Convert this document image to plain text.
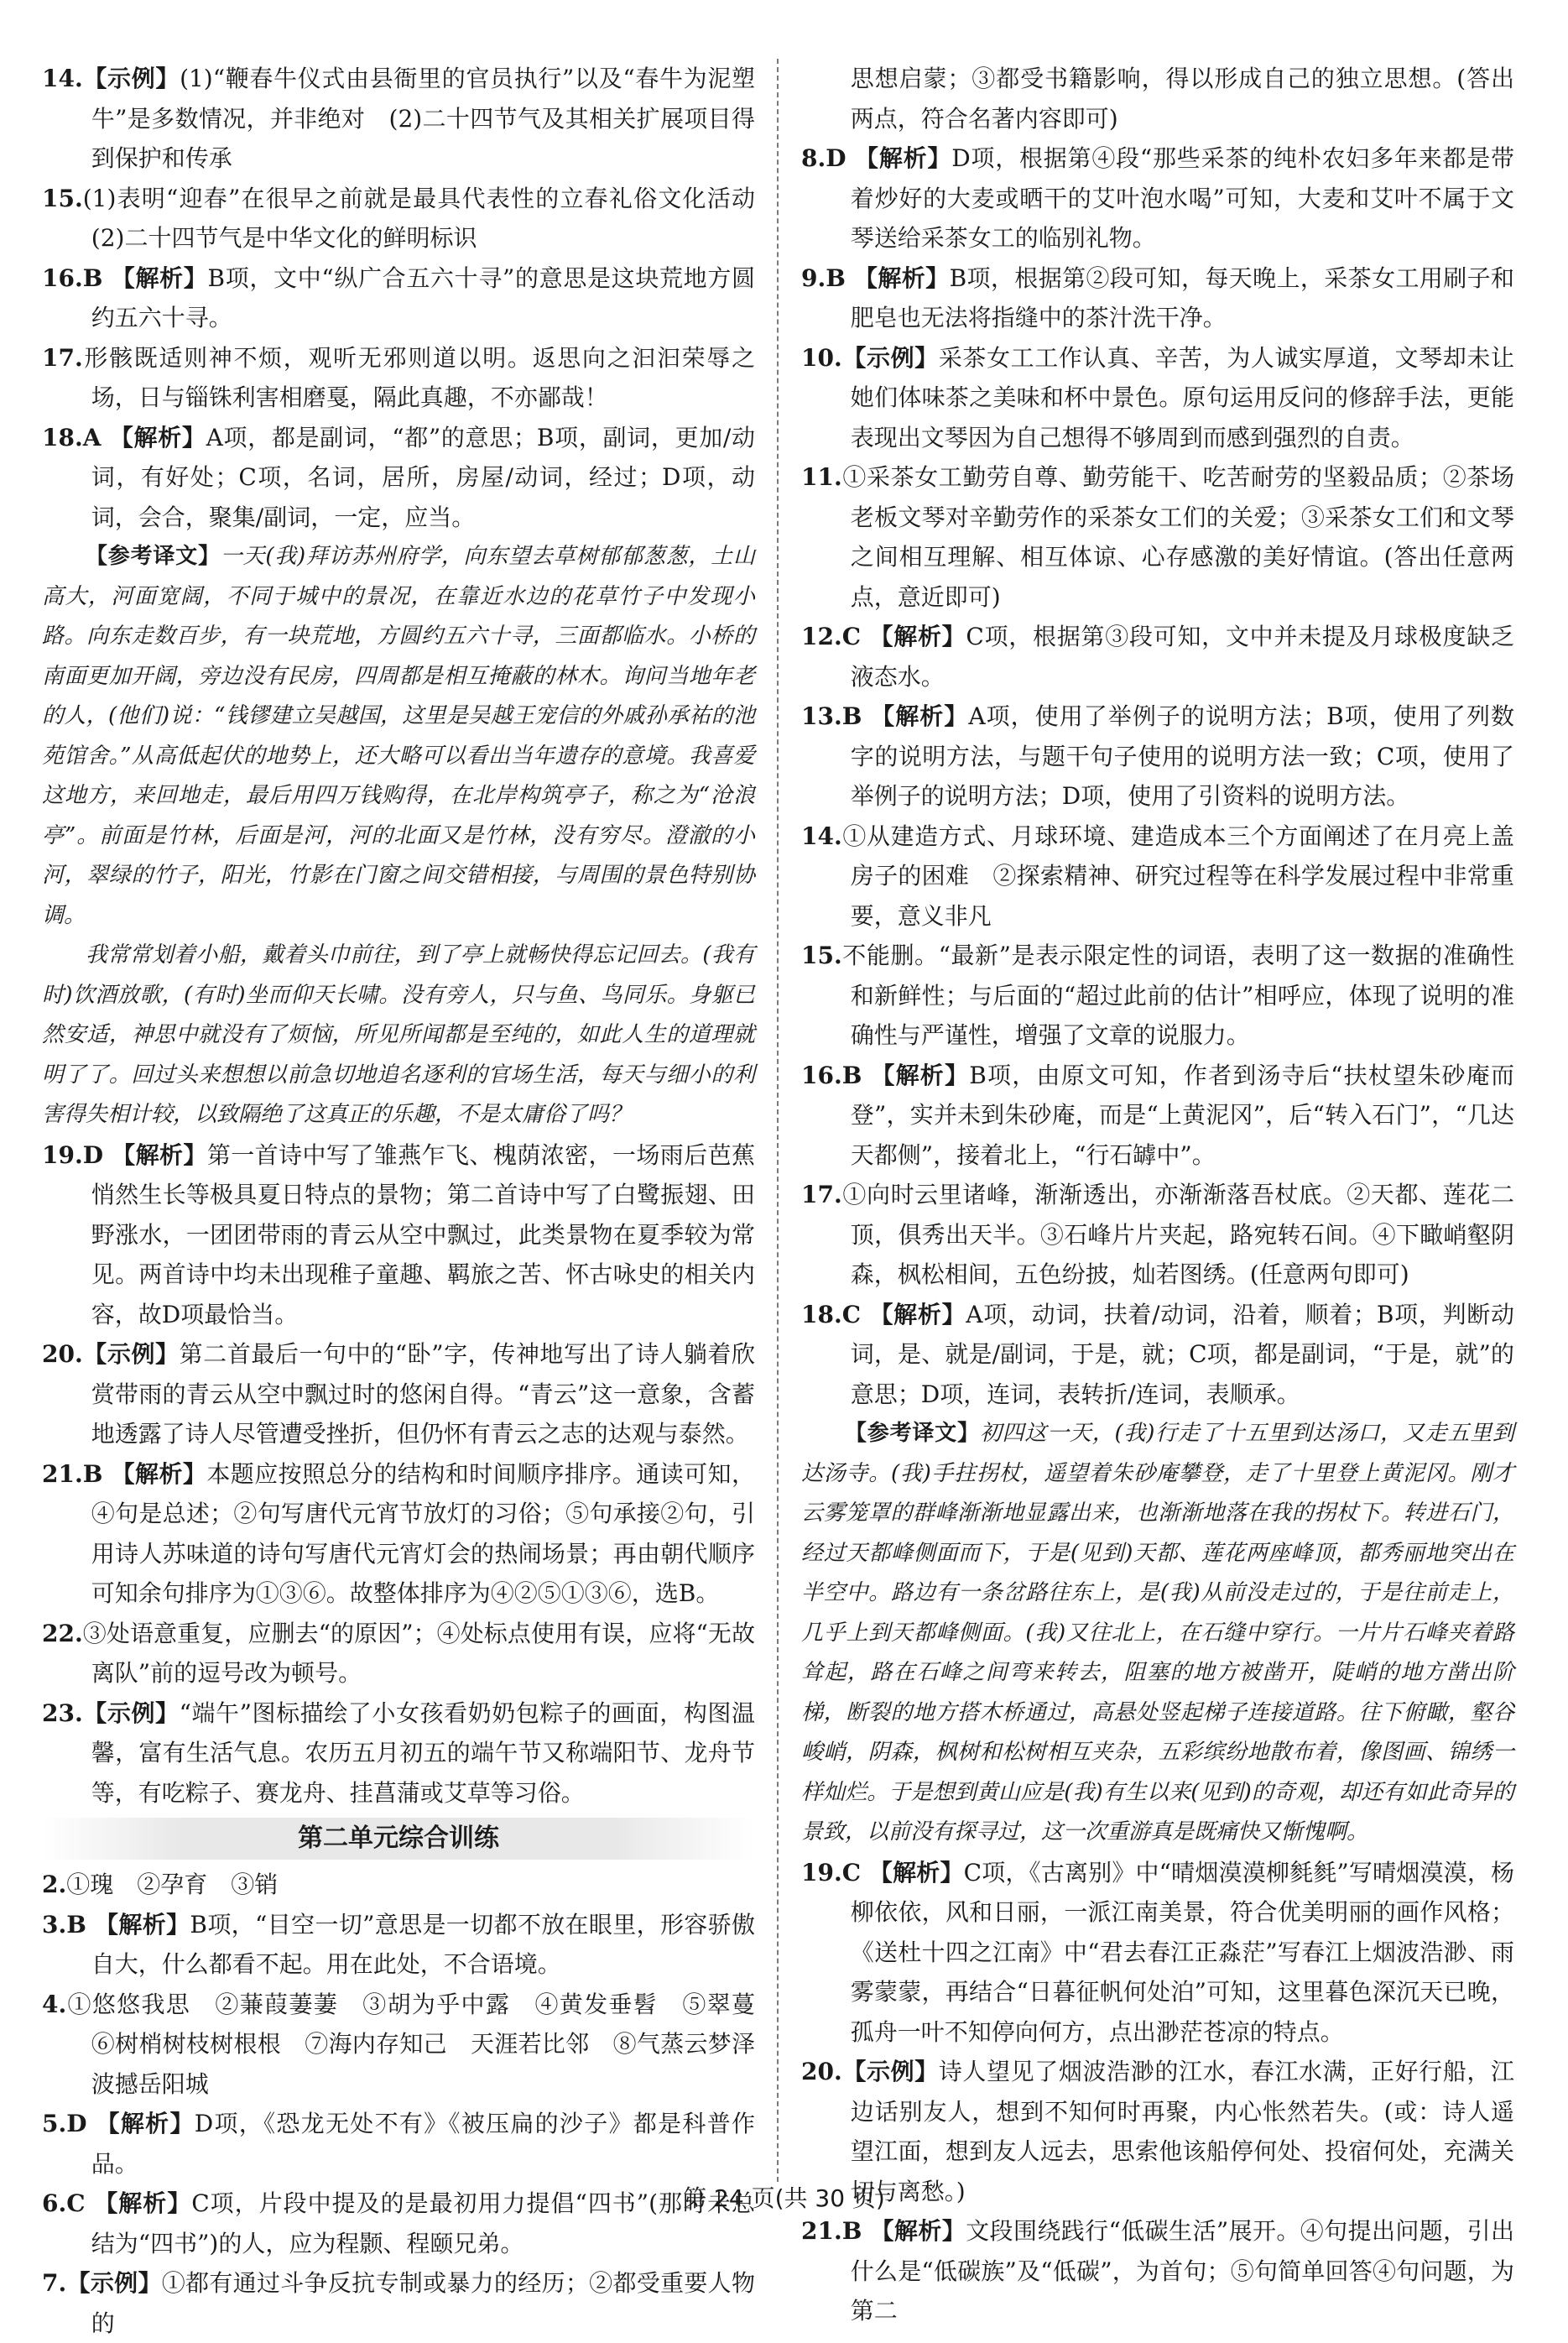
14.【示例】(1)“鞭春牛仪式由县衙里的官员执行”以及“春牛为泥塑牛”是多数情况，并非绝对　(2)二十四节气及其相关扩展项目得到保护和传承
15.(1)表明“迎春”在很早之前就是最具代表性的立春礼俗文化活动　(2)二十四节气是中华文化的鲜明标识
16.B 【解析】B项，文中“纵广合五六十寻”的意思是这块荒地方圆约五六十寻。
17.形骸既适则神不烦，观听无邪则道以明。返思向之汩汩荣辱之场，日与锱铢利害相磨戛，隔此真趣，不亦鄙哉！
18.A 【解析】A项，都是副词，“都”的意思；B项，副词，更加/动词，有好处；C项，名词，居所，房屋/动词，经过；D项，动词，会合，聚集/副词，一定，应当。

【参考译文】一天(我)拜访苏州府学，向东望去草树郁郁葱葱，土山高大，河面宽阔，不同于城中的景况，在靠近水边的花草竹子中发现小路。向东走数百步，有一块荒地，方圆约五六十寻，三面都临水。小桥的南面更加开阔，旁边没有民房，四周都是相互掩蔽的林木。询问当地年老的人，(他们)说：“钱镠建立吴越国，这里是吴越王宠信的外戚孙承祐的池苑馆舍。”从高低起伏的地势上，还大略可以看出当年遗存的意境。我喜爱这地方，来回地走，最后用四万钱购得，在北岸构筑亭子，称之为“沧浪亭”。前面是竹林，后面是河，河的北面又是竹林，没有穷尽。澄澈的小河，翠绿的竹子，阳光，竹影在门窗之间交错相接，与周围的景色特别协调。

我常常划着小船，戴着头巾前往，到了亭上就畅快得忘记回去。(我有时)饮酒放歌，(有时)坐而仰天长啸。没有旁人，只与鱼、鸟同乐。身躯已然安适，神思中就没有了烦恼，所见所闻都是至纯的，如此人生的道理就明了了。回过头来想想以前急切地追名逐利的官场生活，每天与细小的利害得失相计较，以致隔绝了这真正的乐趣，不是太庸俗了吗？

19.D 【解析】第一首诗中写了雏燕乍飞、槐荫浓密，一场雨后芭蕉悄然生长等极具夏日特点的景物；第二首诗中写了白鹭振翅、田野涨水，一团团带雨的青云从空中飘过，此类景物在夏季较为常见。两首诗中均未出现稚子童趣、羁旅之苦、怀古咏史的相关内容，故D项最恰当。
20.【示例】第二首最后一句中的“卧”字，传神地写出了诗人躺着欣赏带雨的青云从空中飘过时的悠闲自得。“青云”这一意象，含蓄地透露了诗人尽管遭受挫折，但仍怀有青云之志的达观与泰然。
21.B 【解析】本题应按照总分的结构和时间顺序排序。通读可知，④句是总述；②句写唐代元宵节放灯的习俗；⑤句承接②句，引用诗人苏味道的诗句写唐代元宵灯会的热闹场景；再由朝代顺序可知余句排序为①③⑥。故整体排序为④②⑤①③⑥，选B。
22.③处语意重复，应删去“的原因”；④处标点使用有误，应将“无故离队”前的逗号改为顿号。
23.【示例】“端午”图标描绘了小女孩看奶奶包粽子的画面，构图温馨，富有生活气息。农历五月初五的端午节又称端阳节、龙舟节等，有吃粽子、赛龙舟、挂菖蒲或艾草等习俗。
第二单元综合训练
2.①瑰　②孕育　③销
3.B 【解析】B项，“目空一切”意思是一切都不放在眼里，形容骄傲自大，什么都看不起。用在此处，不合语境。
4.①悠悠我思　②蒹葭萋萋　③胡为乎中露　④黄发垂髫　⑤翠蔓　⑥树梢树枝树根根　⑦海内存知己　天涯若比邻　⑧气蒸云梦泽　波撼岳阳城
5.D 【解析】D项，《恐龙无处不有》《被压扁的沙子》都是科普作品。
6.C 【解析】C项，片段中提及的是最初用力提倡“四书”(那时未总结为“四书”)的人，应为程颢、程颐兄弟。
7.【示例】①都有通过斗争反抗专制或暴力的经历；②都受重要人物的
思想启蒙；③都受书籍影响，得以形成自己的独立思想。(答出两点，符合名著内容即可)
8.D 【解析】D项，根据第④段“那些采茶的纯朴农妇多年来都是带着炒好的大麦或晒干的艾叶泡水喝”可知，大麦和艾叶不属于文琴送给采茶女工的临别礼物。
9.B 【解析】B项，根据第②段可知，每天晚上，采茶女工用刷子和肥皂也无法将指缝中的茶汁洗干净。
10.【示例】采茶女工工作认真、辛苦，为人诚实厚道，文琴却未让她们体味茶之美味和杯中景色。原句运用反问的修辞手法，更能表现出文琴因为自己想得不够周到而感到强烈的自责。
11.①采茶女工勤劳自尊、勤劳能干、吃苦耐劳的坚毅品质；②茶场老板文琴对辛勤劳作的采茶女工们的关爱；③采茶女工们和文琴之间相互理解、相互体谅、心存感激的美好情谊。(答出任意两点，意近即可)
12.C 【解析】C项，根据第③段可知，文中并未提及月球极度缺乏液态水。
13.B 【解析】A项，使用了举例子的说明方法；B项，使用了列数字的说明方法，与题干句子使用的说明方法一致；C项，使用了举例子的说明方法；D项，使用了引资料的说明方法。
14.①从建造方式、月球环境、建造成本三个方面阐述了在月亮上盖房子的困难　②探索精神、研究过程等在科学发展过程中非常重要，意义非凡
15.不能删。“最新”是表示限定性的词语，表明了这一数据的准确性和新鲜性；与后面的“超过此前的估计”相呼应，体现了说明的准确性与严谨性，增强了文章的说服力。
16.B 【解析】B项，由原文可知，作者到汤寺后“扶杖望朱砂庵而登”，实并未到朱砂庵，而是“上黄泥冈”，后“转入石门”，“几达天都侧”，接着北上，“行石罅中”。
17.①向时云里诸峰，渐渐透出，亦渐渐落吾杖底。②天都、莲花二顶，俱秀出天半。③石峰片片夹起，路宛转石间。④下瞰峭壑阴森，枫松相间，五色纷披，灿若图绣。(任意两句即可)
18.C 【解析】A项，动词，扶着/动词，沿着，顺着；B项，判断动词，是、就是/副词，于是，就；C项，都是副词，“于是，就”的意思；D项，连词，表转折/连词，表顺承。

【参考译文】初四这一天，(我)行走了十五里到达汤口，又走五里到达汤寺。(我)手拄拐杖，遥望着朱砂庵攀登，走了十里登上黄泥冈。刚才云雾笼罩的群峰渐渐地显露出来，也渐渐地落在我的拐杖下。转进石门，经过天都峰侧面而下，于是(见到)天都、莲花两座峰顶，都秀丽地突出在半空中。路边有一条岔路往东上，是(我)从前没走过的，于是往前走上，几乎上到天都峰侧面。(我)又往北上，在石缝中穿行。一片片石峰夹着路耸起，路在石峰之间弯来转去，阻塞的地方被凿开，陡峭的地方凿出阶梯，断裂的地方搭木桥通过，高悬处竖起梯子连接道路。往下俯瞰，壑谷峻峭，阴森，枫树和松树相互夹杂，五彩缤纷地散布着，像图画、锦绣一样灿烂。于是想到黄山应是(我)有生以来(见到)的奇观，却还有如此奇异的景致，以前没有探寻过，这一次重游真是既痛快又惭愧啊。

19.C 【解析】C项，《古离别》中“晴烟漠漠柳毵毵”写晴烟漠漠，杨柳依依，风和日丽，一派江南美景，符合优美明丽的画作风格；《送杜十四之江南》中“君去春江正淼茫”写春江上烟波浩渺、雨雾蒙蒙，再结合“日暮征帆何处泊”可知，这里暮色深沉天已晚，孤舟一叶不知停向何方，点出渺茫苍凉的特点。
20.【示例】诗人望见了烟波浩渺的江水，春江水满，正好行船，江边话别友人，想到不知何时再聚，内心怅然若失。(或：诗人遥望江面，想到友人远去，思索他该船停何处、投宿何处，充满关切与离愁。)
21.B 【解析】文段围绕践行“低碳生活”展开。④句提出问题，引出什么是“低碳族”及“低碳”，为首句；⑤句简单回答④句问题，为第二
第 24 页(共 30 页)
